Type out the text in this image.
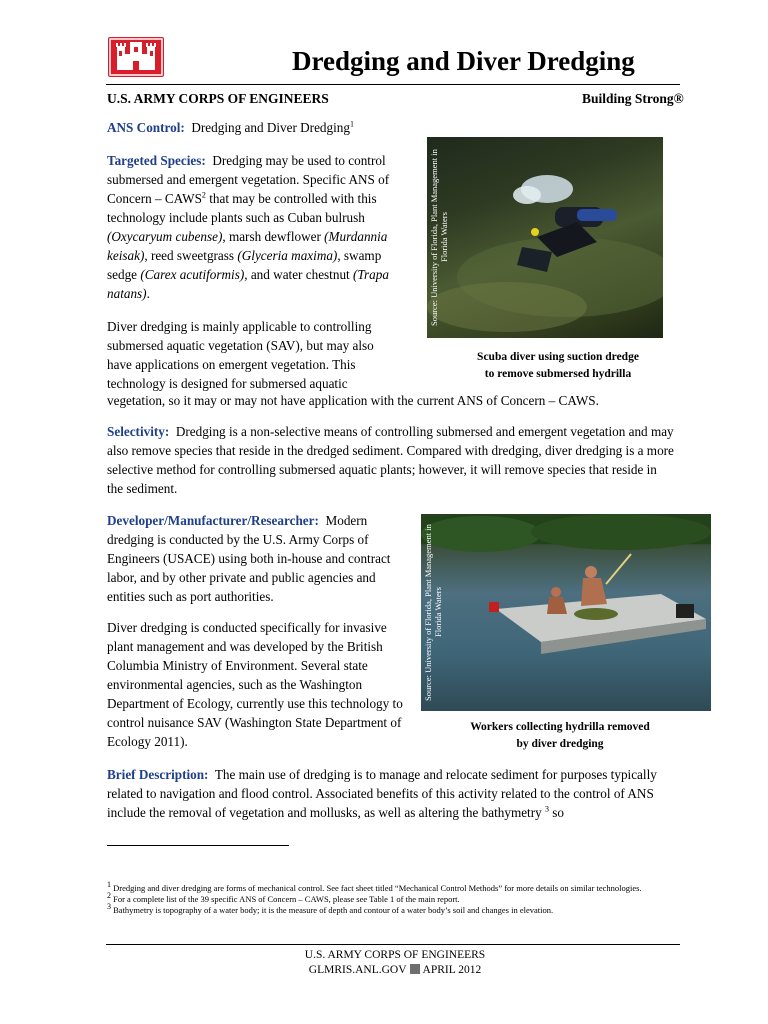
Dredging and Diver Dredging
U.S. ARMY CORPS OF ENGINEERS	Building Strong®
ANS Control: Dredging and Diver Dredging$^1$
Targeted Species: Dredging may be used to control submersed and emergent vegetation. Specific ANS of Concern – CAWS$^2$ that may be controlled with this technology include plants such as Cuban bulrush (Oxycaryum cubense), marsh dewflower (Murdannia keisak), reed sweetgrass (Glyceria maxima), swamp sedge (Carex acutiformis), and water chestnut (Trapa natans).
Diver dredging is mainly applicable to controlling
submersed aquatic vegetation (SAV), but may also
have applications on emergent vegetation. This
technology is designed for submersed aquatic
vegetation, so it may or may not have application with the current ANS of Concern – CAWS.
Source: University of Florida, Plant Management in Florida Waters
Scuba diver using suction dredge
to remove submersed hydrilla
Selectivity: Dredging is a non-selective means of controlling submersed and emergent vegetation and may also remove species that reside in the dredged sediment. Compared with dredging, diver dredging is a more selective method for controlling submersed aquatic plants; however, it will remove species that reside in the sediment.
Developer/Manufacturer/Researcher: Modern dredging is conducted by the U.S. Army Corps of Engineers (USACE) using both in-house and contract labor, and by other private and public agencies and entities such as port authorities.
Diver dredging is conducted specifically for invasive plant management and was developed by the British Columbia Ministry of Environment. Several state environmental agencies, such as the Washington Department of Ecology, currently use this technology to control nuisance SAV (Washington State Department of Ecology 2011).
Source: University of Florida, Plant Management in Florida Waters
Workers collecting hydrilla removed
by diver dredging
Brief Description: The main use of dredging is to manage and relocate sediment for purposes typically related to navigation and flood control. Associated benefits of this activity related to the control of ANS include the removal of vegetation and mollusks, as well as altering the bathymetry $^3$ so
$^1$ Dredging and diver dredging are forms of mechanical control. See fact sheet titled “Mechanical Control Methods” for more details on similar technologies.
$^2$ For a complete list of the 39 specific ANS of Concern – CAWS, please see Table 1 of the main report.
$^3$ Bathymetry is topography of a water body; it is the measure of depth and contour of a water body’s soil and changes in elevation.
U.S. ARMY CORPS OF ENGINEERS
GLMRIS.ANL.GOV APRIL 2012
